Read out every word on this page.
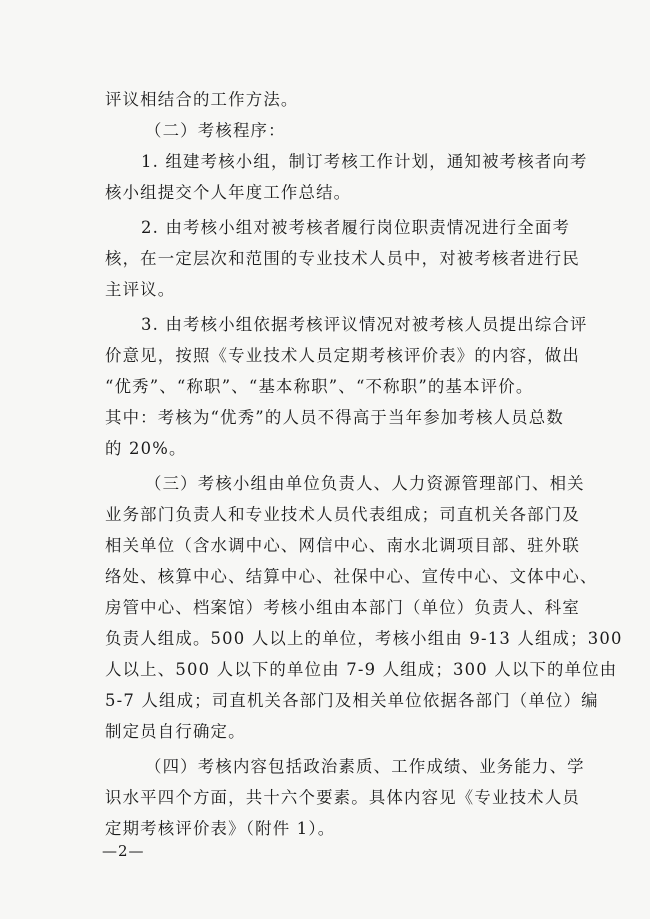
评议相结合的工作方法。
（二）考核程序：
1. 组建考核小组，制订考核工作计划，通知被考核者向考
核小组提交个人年度工作总结。
2. 由考核小组对被考核者履行岗位职责情况进行全面考
核，在一定层次和范围的专业技术人员中，对被考核者进行民
主评议。
3. 由考核小组依据考核评议情况对被考核人员提出综合评
价意见，按照《专业技术人员定期考核评价表》的内容，做出
“优秀”、“称职”、“基本称职”、“不称职”的基本评价。
其中：考核为“优秀”的人员不得高于当年参加考核人员总数
的 20%。
（三）考核小组由单位负责人、人力资源管理部门、相关
业务部门负责人和专业技术人员代表组成；司直机关各部门及
相关单位（含水调中心、网信中心、南水北调项目部、驻外联
络处、核算中心、结算中心、社保中心、宣传中心、文体中心、
房管中心、档案馆）考核小组由本部门（单位）负责人、科室
负责人组成。500 人以上的单位，考核小组由 9-13 人组成；300
人以上、500 人以下的单位由 7-9 人组成；300 人以下的单位由
5-7 人组成；司直机关各部门及相关单位依据各部门（单位）编
制定员自行确定。
（四）考核内容包括政治素质、工作成绩、业务能力、学
识水平四个方面，共十六个要素。具体内容见《专业技术人员
定期考核评价表》（附件 1）。
—2—
